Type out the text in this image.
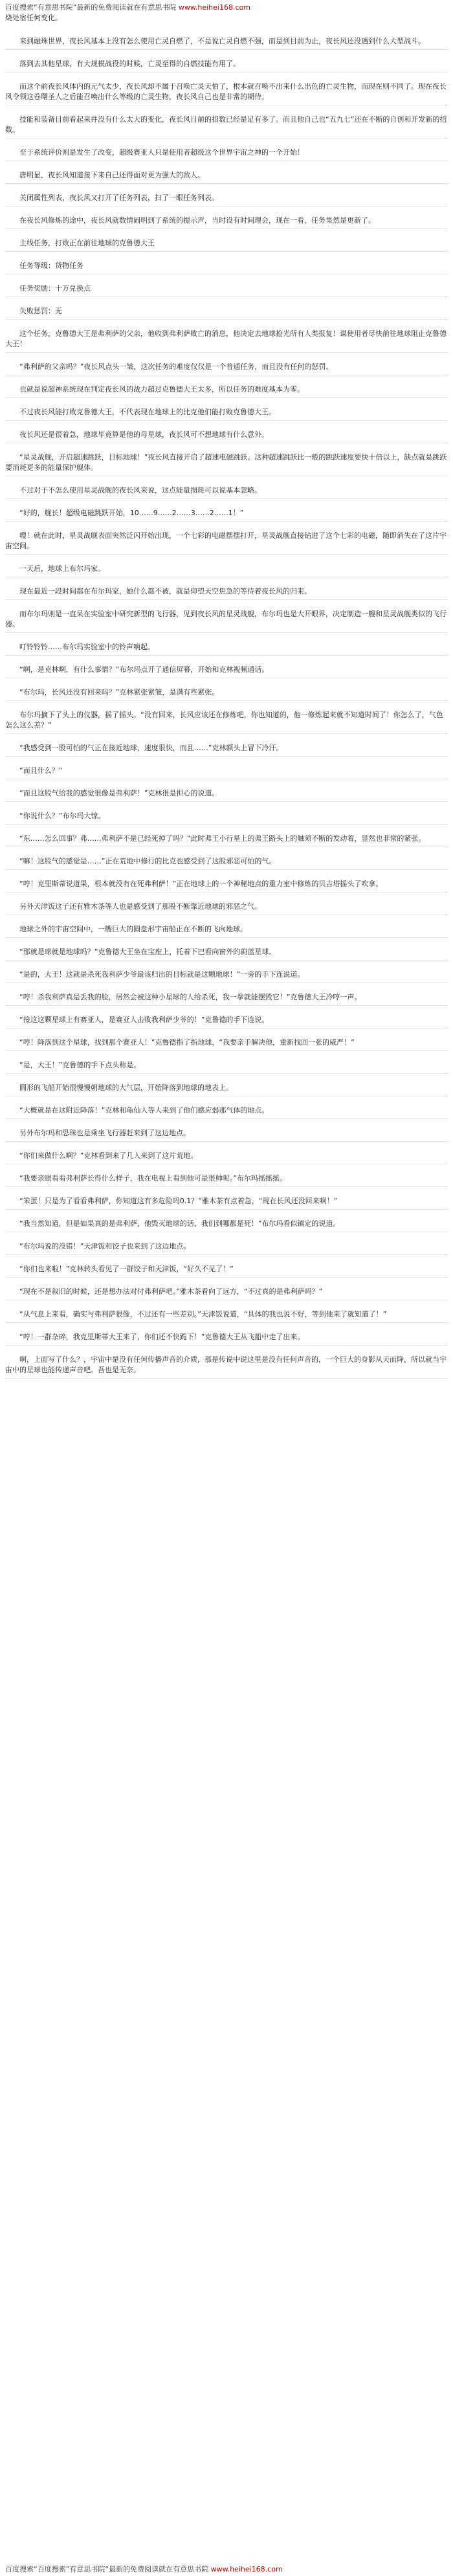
百度搜索“有意思书院”最新的免费阅读就在有意思书院 www.heihei168.com

烧处宿任何变化。

来到融珠世界，夜长风基本上没有怎么使用亡灵自燃了，不是说亡灵自燃不强，而是到目前为止，夜长风还没遇到什么大型战斗。

落到去其他星球，有大规模战役的时候，亡灵至得的自燃技能有用了。

而这个前夜长风体内的元气太少，夜长风却不属于召唤亡灵天怕了，根本就召唤不出来什么出色的亡灵生物，而现在则不同了。现在夜长风令领这卷曙圣人之后能召唤出什么等级的亡灵生物，夜长风自己也是非常的期待。

技能和装备目前看起来并没有什么太大的变化，夜长风目前的招数已经是足有多了。而且他自己也“五九七”还在不断的自创和开发新的招数。

至于系统评价则是发生了改变，超级赛亚人只是使用者超级这个世界宇宙之神的一个开始！

唐明显，夜长风知道接下来自己还得面对更为强大的敌人。

关闭属性列表，夜长风又打开了任务列表，扫了一眼任务列表。

在夜长风修炼的途中，夜长风就数情闹明到了系统的提示声，当时设有时间理会，现在一看，任务果然是更新了。

主线任务，打败正在前往地球的克鲁德大王

任务等级：货物任务

任务奖励：十万兑换点

失败惩罚：无

这个任务，克鲁德大王是弗利萨的父亲，他收到弗利萨败亡的消息，他决定去地球抢光所有人类报复！谋使用者尽快前往地球阻止克鲁德大王！

“弗利萨的父亲吗？”夜长风点头一皱，这次任务的难度仅仅是一个普通任务，而且没有任何的惩罚。

也就是说超神系统现在判定夜长风的战力超过克鲁德大王太多，所以任务的难度基本为零。

不过夜长风能打败克鲁德大王，不代表现在地球上的比克他们能打败克鲁德大王。

夜长风还是很着急，地球毕竟算是他的母星球，夜长风可不想地球有什么意外。

“星灵战舰，开启超速跳跃，目标地球！”夜长风直接开启了超速电磁跳跃。这种超速跳跃比一般的跳跃速度要快十倍以上，缺点就是跳跃要消耗更多的能量保护舰体。

不过对于不怎么使用星灵战舰的夜长风来说，这点能量损耗可以说基本忽略。

“好的，舰长！超级电磁跳跃开始，10……9……2……3……2……1！”

嗖！就在此时，星灵战舰表面突然泛闪开始出现，一个七彩的电磁摆摆打开，星灵战舰直接钻进了这个七彩的电磁，随即消失在了这片宇宙空间。

一天后，地球上布尔玛家。

现在最近一段时间都在布尔玛家，她什么都不被，就是仰望天空焦急的等待着夜长风的归来。

而布尔玛则是一直呆在实验室中研究新型的飞行器，见到夜长风的星灵战舰，布尔玛也是大开眼界，决定制造一艘和星灵战舰类似的飞行器。

叮铃铃铃……布尔玛实验室中的铃声响起。

“啊，是克林啊，有什么事情？”布尔玛点开了通信屏幕，开始和克林视频通话。

“布尔玛，长风还没有回来吗？”克林紧张紧皱，是满有些紧张。

布尔玛摘下了头上的仪器，摇了摇头。“没有回来，长风应该还在修炼吧，你也知道的，他一修炼起来就不知道时间了！你怎么了，气色怎么这么差？”

“我感受到一股可怕的气正在接近地球，速度很快，而且……”克林额头上冒下冷汗。

“而且什么？”

“而且这股气给我的感觉很像是弗利萨！”克林很是担心的说道。

“你说什么？”布尔玛大惊。

“东……怎么回事？弗……弗利萨不是已经死掉了吗？”此时弗王小行星上的弗王路头上的触须不断的发动着，显然也非常的紧张。

“嘛！这股气的感觉是……”正在荒地中修行的比克也感受到了这股邪恶可怕的气。

“哼！克里斯蒂说道果，根本就没有在死弗利萨！”正在地球上的一个神秘地点的重力室中修炼的贝吉塔摇头了吹拿。

另外天津饭这子还有雅木茶等人也是感受到了那股不断靠近地球的邪恶之气。

地球之外的宇宙空间中，一艘巨大的圆盘形宇宙船正在不断的飞向地球。

“那就是球就是地球吗？”克鲁德大王坐在宝座上，托着下巴看向窗外的蔚蓝星球。

“是的，大王！这就是杀死我利萨少爷最该归出的目标就是这颗地球！”一旁的手下连说道。

“哼！杀我利萨真是丢我的脸，居然会被这种小星球的人给杀死，我一拳就能摆毁它！”克鲁德大王冷哼一声。

“接这这颗星球上有赛亚人，是赛亚人击败我利萨少爷的！”克鲁德的手下连说。

“哼！降落到这个星球，找到那个赛亚人！”克鲁德指了指地球，“我要亲手解决他，重新找回一张的威严！”

“是，大王！”克鲁德的手下点头称是。

圆形的飞船开始很慢慢朝地球的大气层，开始降落到地球的地表上。

“大概就是在这附近降落！”克林和龟仙人等人来到了他们感应弱那气体的地点。

另外布尔玛和恐珠也是乘坐飞行器赶来到了这边地点。

“你们来做什么啊？”克林看到来了几人来到了这片荒地。

“我要亲眼看看弗利萨长得什么样子，我在电视上看到他可是很帅呢。”布尔玛摇摇摇。

“笨蛋！只是为了看看弗利萨，你知道这有多危险吗0.1？”雅木茶有点着急，“现在长风还没回来啊！”

“我当然知道，但是如果真的是弗利萨，他毁灭地球的话，我们到哪都是死！”布尔玛看似镇定的说道。

“布尔玛说的没错！”天津饭和饺子也来到了这边地点。

“你们也来啦！”克林转头看见了一群饺子和天津饭，“好久不见了！”

“现在不是叙旧的时候，还是想办法对付弗利萨吧。”雅木茶看向了远方，“不过真的是弗利萨吗？”

“从气息上来看，确实与弗利萨很像，不过还有一些差别。”天津饭说道，“具体的我也说不好，等到他来了就知道了！”

“哼！一群杂碎，我克里斯蒂大王来了，你们还不快跪下！”克鲁德大王从飞船中走了出来。

啊，上面写了什么？，宇宙中是没有任何传播声音的介质，那是传说中说这里是没有任何声音的，一个巨大的身影从天而降，所以就当宇宙中的星球也能传递声音吧。吾也是无奈。

百度搜索“百度搜索”有意思书院“最新的免费阅读就在有意思书院 www.heihei168.com
